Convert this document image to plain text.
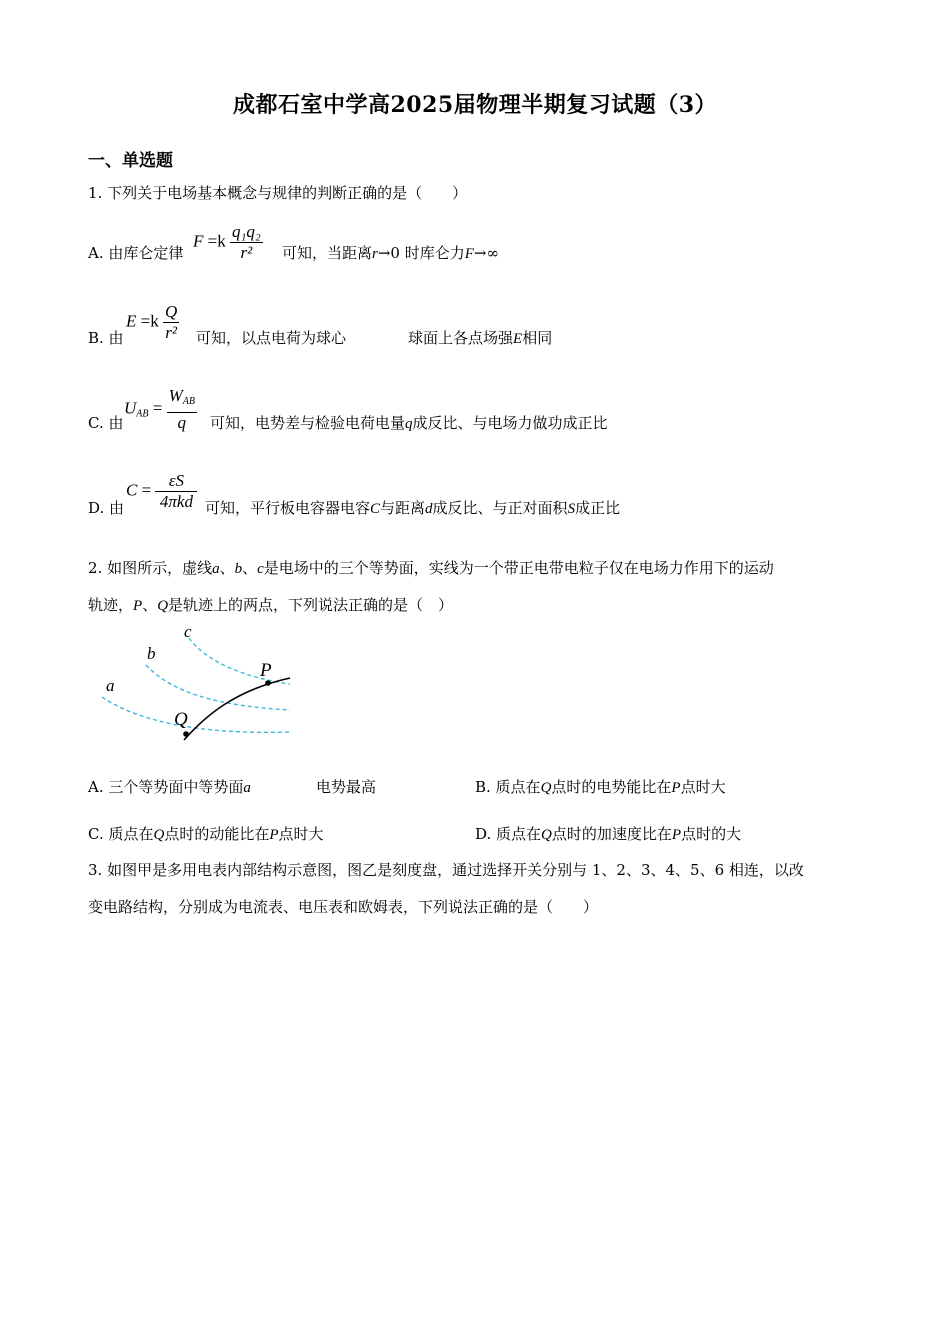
成都石室中学高2025届物理半期复习试题（3）
一、单选题
1. 下列关于电场基本概念与规律的判断正确的是（　　）
A. 由库仑定律
$F =k \frac{\text{q₁q₂}}{\text{r²}}$ 可知，当距离r→0 时库仑力F→∞
B. 由
$E =k \frac{Q}{\text{r²}}$ 可知，以点电荷为球心	球面上各点场强E相同
C. 由
$U_{AB} = \frac{W_{AB}}{q}$ 可知，电势差与检验电荷电量q成反比、与电场力做功成正比
D. 由
$C = \frac{\varepsilon S}{\text{4πkd}}$ 可知，平行板电容器电容C与距离d成反比、与正对面积S成正比
2. 如图所示，虚线a、b、c是电场中的三个等势面，实线为一个带正电带电粒子仅在电场力作用下的运动
轨迹，P、Q是轨迹上的两点，下列说法正确的是（　）
a
b
c
P
Q
A. 三个等势面中等势面a	电势最高	B. 质点在Q点时的电势能比在P点时大
C. 质点在Q点时的动能比在P点时大	D. 质点在Q点时的加速度比在P点时的大
3. 如图甲是多用电表内部结构示意图，图乙是刻度盘，通过选择开关分别与 1、2、3、4、5、6 相连，以改
变电路结构，分别成为电流表、电压表和欧姆表，下列说法正确的是（　　）
